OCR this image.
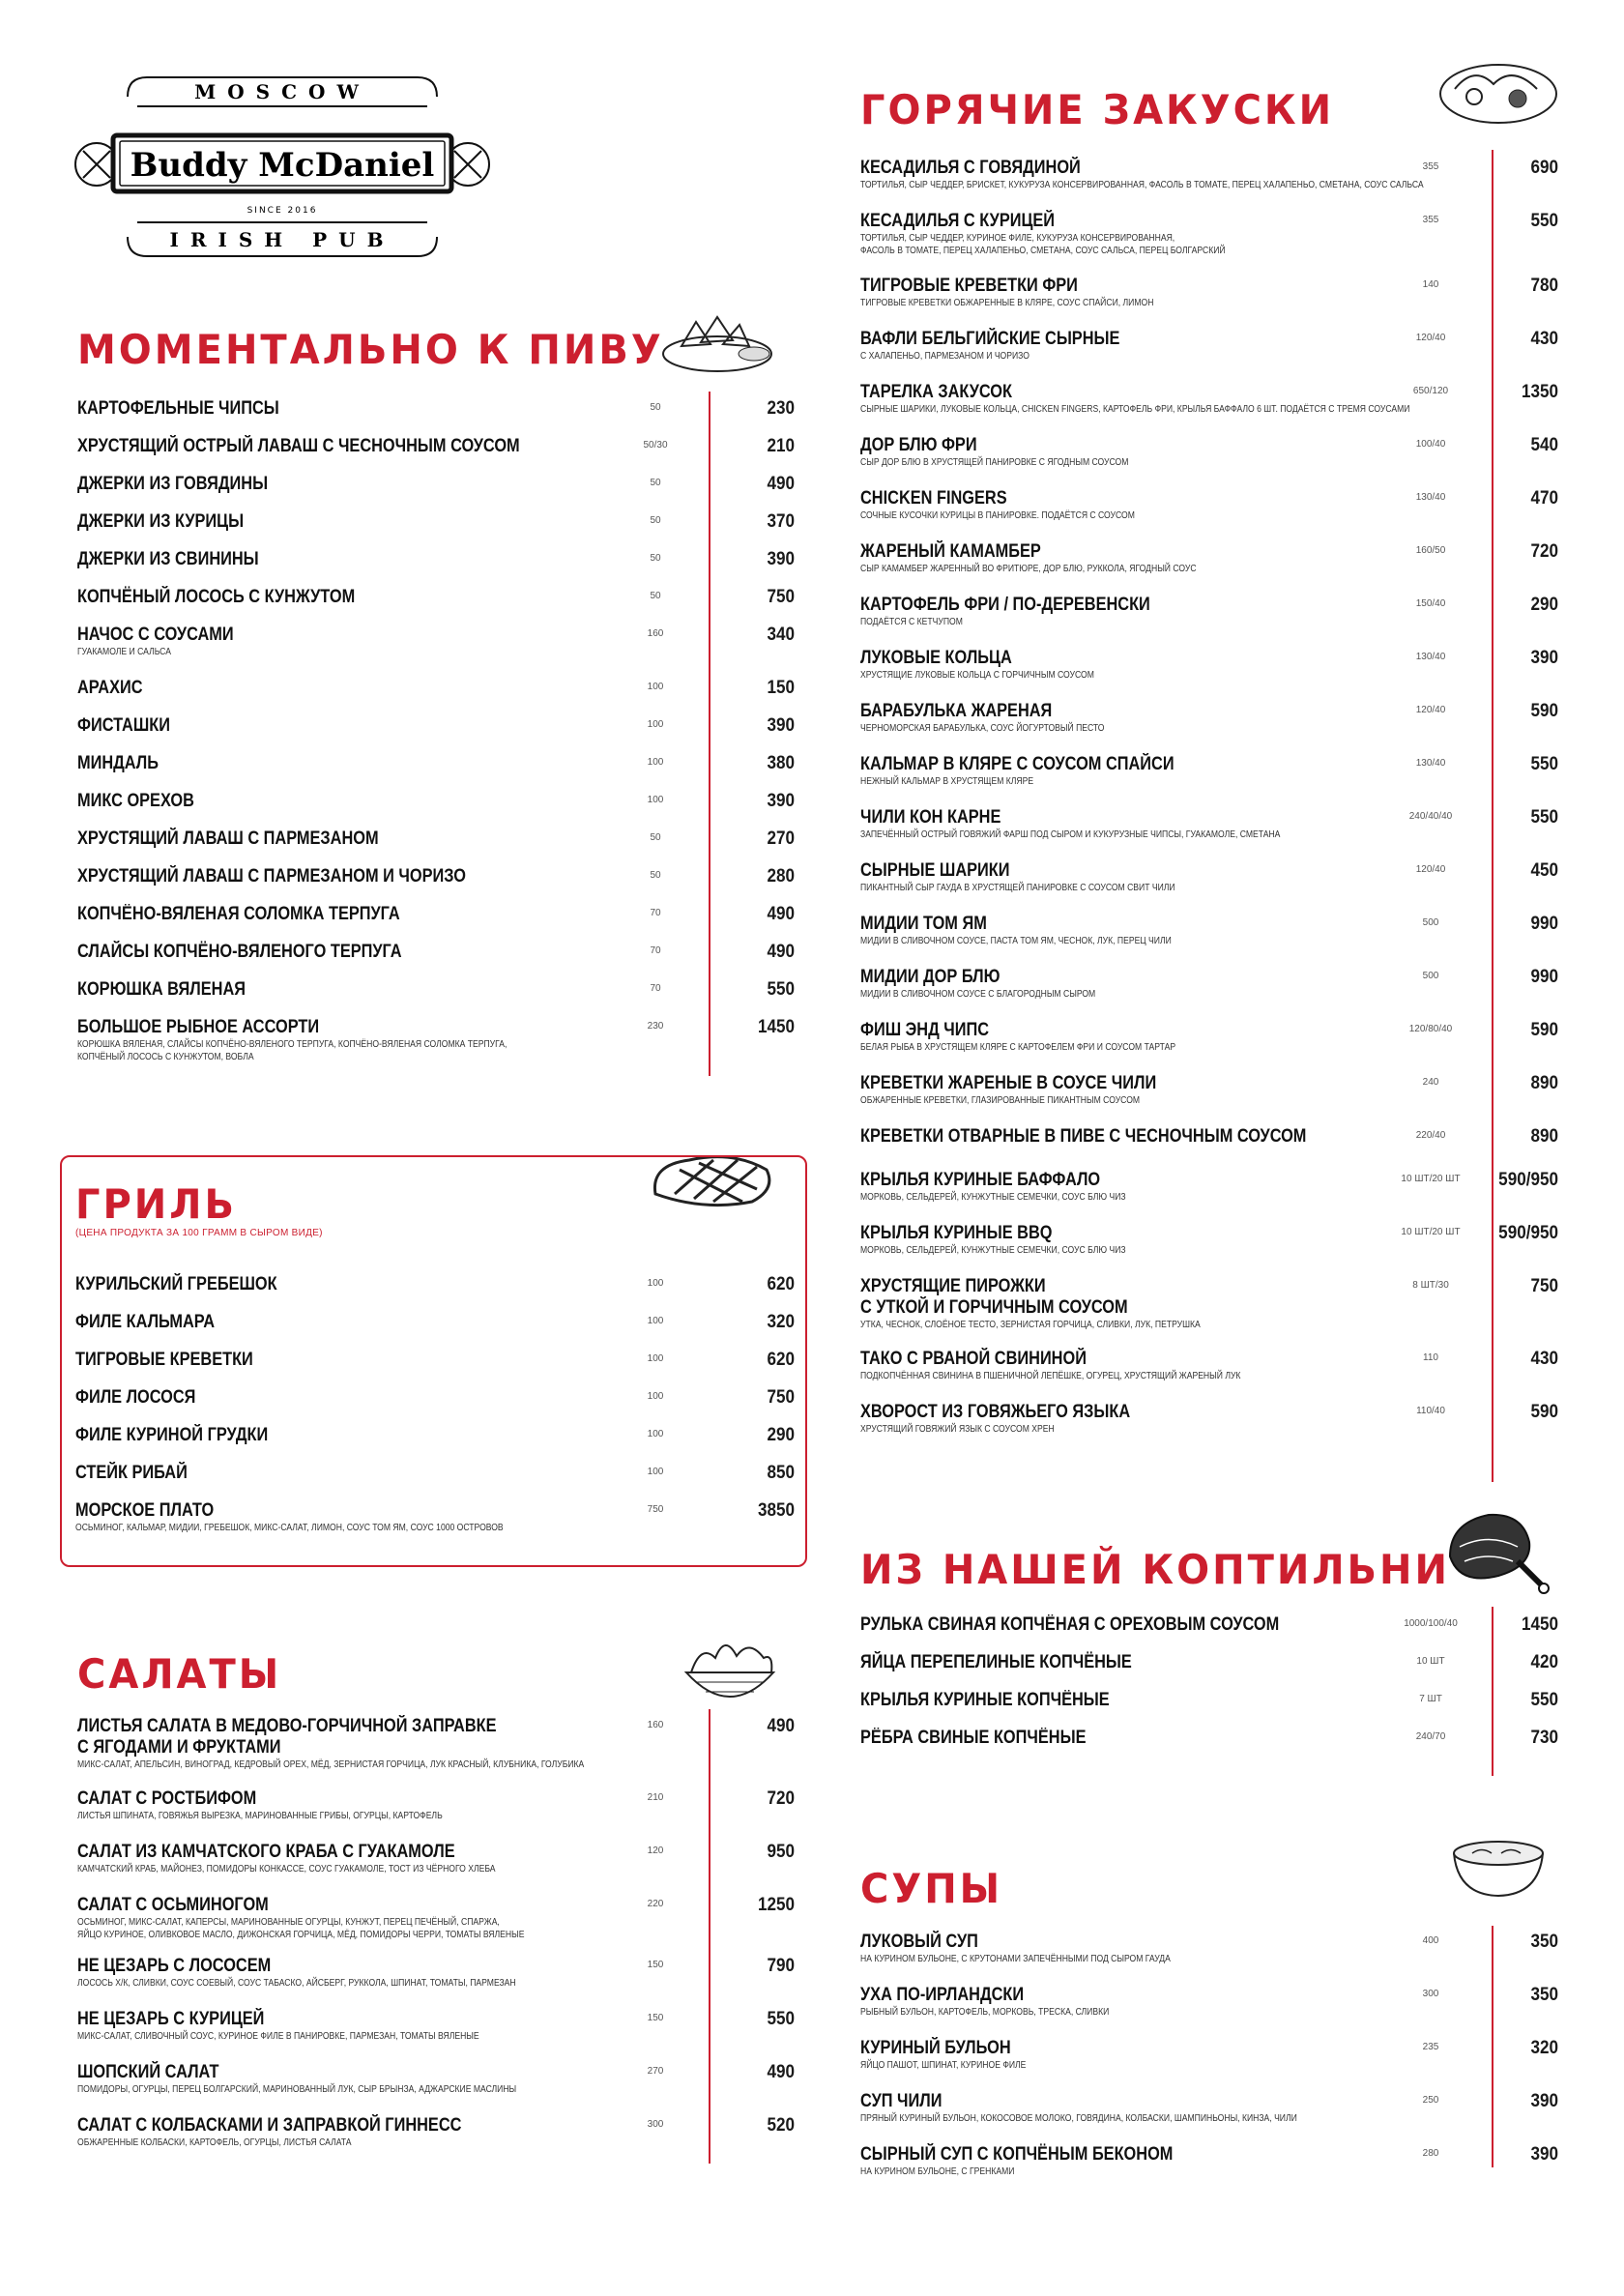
MOSCOW
Buddy McDaniel
SINCE 2016
IRISH PUB
МОМЕНТАЛЬНО К ПИВУ
КАРТОФЕЛЬНЫЕ ЧИПСЫ	50	230
ХРУСТЯЩИЙ ОСТРЫЙ ЛАВАШ С ЧЕСНОЧНЫМ СОУСОМ	50/30	210
ДЖЕРКИ ИЗ ГОВЯДИНЫ	50	490
ДЖЕРКИ ИЗ КУРИЦЫ	50	370
ДЖЕРКИ ИЗ СВИНИНЫ	50	390
КОПЧЁНЫЙ ЛОСОСЬ С КУНЖУТОМ	50	750
НАЧОС С СОУСАМИ
ГУАКАМОЛЕ И САЛЬСА
160	340
АРАХИС	100	150
ФИСТАШКИ	100	390
МИНДАЛЬ	100	380
МИКС ОРЕХОВ	100	390
ХРУСТЯЩИЙ ЛАВАШ С ПАРМЕЗАНОМ	50	270
ХРУСТЯЩИЙ ЛАВАШ С ПАРМЕЗАНОМ И ЧОРИЗО	50	280
КОПЧЁНО-ВЯЛЕНАЯ СОЛОМКА ТЕРПУГА	70	490
СЛАЙСЫ КОПЧЁНО-ВЯЛЕНОГО ТЕРПУГА	70	490
КОРЮШКА ВЯЛЕНАЯ	70	550
БОЛЬШОЕ РЫБНОЕ АССОРТИ
КОРЮШКА ВЯЛЕНАЯ, СЛАЙСЫ КОПЧЁНО-ВЯЛЕНОГО ТЕРПУГА, КОПЧЁНО-ВЯЛЕНАЯ СОЛОМКА ТЕРПУГА,
КОПЧЁНЫЙ ЛОСОСЬ С КУНЖУТОМ, ВОБЛА
230	1450
ГРИЛЬ
(ЦЕНА ПРОДУКТА ЗА 100 ГРАММ В СЫРОМ ВИДЕ)
КУРИЛЬСКИЙ ГРЕБЕШОК	100	620
ФИЛЕ КАЛЬМАРА	100	320
ТИГРОВЫЕ КРЕВЕТКИ	100	620
ФИЛЕ ЛОСОСЯ	100	750
ФИЛЕ КУРИНОЙ ГРУДКИ	100	290
СТЕЙК РИБАЙ	100	850
МОРСКОЕ ПЛАТО
ОСЬМИНОГ, КАЛЬМАР, МИДИИ, ГРЕБЕШОК, МИКС-САЛАТ, ЛИМОН, СОУС ТОМ ЯМ, СОУС 1000 ОСТРОВОВ
750	3850
САЛАТЫ
ЛИСТЬЯ САЛАТА В МЕДОВО-ГОРЧИЧНОЙ ЗАПРАВКЕ
С ЯГОДАМИ И ФРУКТАМИ
МИКС-САЛАТ, АПЕЛЬСИН, ВИНОГРАД, КЕДРОВЫЙ ОРЕХ, МЁД, ЗЕРНИСТАЯ ГОРЧИЦА, ЛУК КРАСНЫЙ, КЛУБНИКА, ГОЛУБИКА
160	490
САЛАТ С РОСТБИФОМ
ЛИСТЬЯ ШПИНАТА, ГОВЯЖЬЯ ВЫРЕЗКА, МАРИНОВАННЫЕ ГРИБЫ, ОГУРЦЫ, КАРТОФЕЛЬ
210	720
САЛАТ ИЗ КАМЧАТСКОГО КРАБА С ГУАКАМОЛЕ
КАМЧАТСКИЙ КРАБ, МАЙОНЕЗ, ПОМИДОРЫ КОНКАССЕ, СОУС ГУАКАМОЛЕ, ТОСТ ИЗ ЧЁРНОГО ХЛЕБА
120	950
САЛАТ С ОСЬМИНОГОМ
ОСЬМИНОГ, МИКС-САЛАТ, КАПЕРСЫ, МАРИНОВАННЫЕ ОГУРЦЫ, КУНЖУТ, ПЕРЕЦ ПЕЧЁНЫЙ, СПАРЖА,
ЯЙЦО КУРИНОЕ, ОЛИВКОВОЕ МАСЛО, ДИЖОНСКАЯ ГОРЧИЦА, МЁД, ПОМИДОРЫ ЧЕРРИ, ТОМАТЫ ВЯЛЕНЫЕ
220	1250
НЕ ЦЕЗАРЬ С ЛОСОСЕМ
ЛОСОСЬ Х/К, СЛИВКИ, СОУС СОЕВЫЙ, СОУС ТАБАСКО, АЙСБЕРГ, РУККОЛА, ШПИНАТ, ТОМАТЫ, ПАРМЕЗАН
150	790
НЕ ЦЕЗАРЬ С КУРИЦЕЙ
МИКС-САЛАТ, СЛИВОЧНЫЙ СОУС, КУРИНОЕ ФИЛЕ В ПАНИРОВКЕ, ПАРМЕЗАН, ТОМАТЫ ВЯЛЕНЫЕ
150	550
ШОПСКИЙ САЛАТ
ПОМИДОРЫ, ОГУРЦЫ, ПЕРЕЦ БОЛГАРСКИЙ, МАРИНОВАННЫЙ ЛУК, СЫР БРЫНЗА, АДЖАРСКИЕ МАСЛИНЫ
270	490
САЛАТ С КОЛБАСКАМИ И ЗАПРАВКОЙ ГИННЕСС
ОБЖАРЕННЫЕ КОЛБАСКИ, КАРТОФЕЛЬ, ОГУРЦЫ, ЛИСТЬЯ САЛАТА
300	520
ГОРЯЧИЕ ЗАКУСКИ
КЕСАДИЛЬЯ С ГОВЯДИНОЙ
ТОРТИЛЬЯ, СЫР ЧЕДДЕР, БРИСКЕТ, КУКУРУЗА КОНСЕРВИРОВАННАЯ, ФАСОЛЬ В ТОМАТЕ, ПЕРЕЦ ХАЛАПЕНЬО, СМЕТАНА, СОУС САЛЬСА
355	690
КЕСАДИЛЬЯ С КУРИЦЕЙ
ТОРТИЛЬЯ, СЫР ЧЕДДЕР, КУРИНОЕ ФИЛЕ, КУКУРУЗА КОНСЕРВИРОВАННАЯ,
ФАСОЛЬ В ТОМАТЕ, ПЕРЕЦ ХАЛАПЕНЬО, СМЕТАНА, СОУС САЛЬСА, ПЕРЕЦ БОЛГАРСКИЙ
355	550
ТИГРОВЫЕ КРЕВЕТКИ ФРИ
ТИГРОВЫЕ КРЕВЕТКИ ОБЖАРЕННЫЕ В КЛЯРЕ, СОУС СПАЙСИ, ЛИМОН
140	780
ВАФЛИ БЕЛЬГИЙСКИЕ СЫРНЫЕ
С ХАЛАПЕНЬО, ПАРМЕЗАНОМ И ЧОРИЗО
120/40	430
ТАРЕЛКА ЗАКУСОК
СЫРНЫЕ ШАРИКИ, ЛУКОВЫЕ КОЛЬЦА, CHICKEN FINGERS, КАРТОФЕЛЬ ФРИ, КРЫЛЬЯ БАФФАЛО 6 ШТ. ПОДАЁТСЯ С ТРЕМЯ СОУСАМИ
650/120	1350
ДОР БЛЮ ФРИ
СЫР ДОР БЛЮ В ХРУСТЯЩЕЙ ПАНИРОВКЕ С ЯГОДНЫМ СОУСОМ
100/40	540
CHICKEN FINGERS
СОЧНЫЕ КУСОЧКИ КУРИЦЫ В ПАНИРОВКЕ. ПОДАЁТСЯ С СОУСОМ
130/40	470
ЖАРЕНЫЙ КАМАМБЕР
СЫР КАМАМБЕР ЖАРЕННЫЙ ВО ФРИТЮРЕ, ДОР БЛЮ, РУККОЛА, ЯГОДНЫЙ СОУС
160/50	720
КАРТОФЕЛЬ ФРИ / ПО-ДЕРЕВЕНСКИ
ПОДАЁТСЯ С КЕТЧУПОМ
150/40	290
ЛУКОВЫЕ КОЛЬЦА
ХРУСТЯЩИЕ ЛУКОВЫЕ КОЛЬЦА С ГОРЧИЧНЫМ СОУСОМ
130/40	390
БАРАБУЛЬКА ЖАРЕНАЯ
ЧЕРНОМОРСКАЯ БАРАБУЛЬКА, СОУС ЙОГУРТОВЫЙ ПЕСТО
120/40	590
КАЛЬМАР В КЛЯРЕ С СОУСОМ СПАЙСИ
НЕЖНЫЙ КАЛЬМАР В ХРУСТЯЩЕМ КЛЯРЕ
130/40	550
ЧИЛИ КОН КАРНЕ
ЗАПЕЧЁННЫЙ ОСТРЫЙ ГОВЯЖИЙ ФАРШ ПОД СЫРОМ И КУКУРУЗНЫЕ ЧИПСЫ, ГУАКАМОЛЕ, СМЕТАНА
240/40/40	550
СЫРНЫЕ ШАРИКИ
ПИКАНТНЫЙ СЫР ГАУДА В ХРУСТЯЩЕЙ ПАНИРОВКЕ С СОУСОМ СВИТ ЧИЛИ
120/40	450
МИДИИ ТОМ ЯМ
МИДИИ В СЛИВОЧНОМ СОУСЕ, ПАСТА ТОМ ЯМ, ЧЕСНОК, ЛУК, ПЕРЕЦ ЧИЛИ
500	990
МИДИИ ДОР БЛЮ
МИДИИ В СЛИВОЧНОМ СОУСЕ С БЛАГОРОДНЫМ СЫРОМ
500	990
ФИШ ЭНД ЧИПС
БЕЛАЯ РЫБА В ХРУСТЯЩЕМ КЛЯРЕ С КАРТОФЕЛЕМ ФРИ И СОУСОМ ТАРТАР
120/80/40	590
КРЕВЕТКИ ЖАРЕНЫЕ В СОУСЕ ЧИЛИ
ОБЖАРЕННЫЕ КРЕВЕТКИ, ГЛАЗИРОВАННЫЕ ПИКАНТНЫМ СОУСОМ
240	890
КРЕВЕТКИ ОТВАРНЫЕ В ПИВЕ С ЧЕСНОЧНЫМ СОУСОМ	220/40	890
КРЫЛЬЯ КУРИНЫЕ БАФФАЛО
МОРКОВЬ, СЕЛЬДЕРЕЙ, КУНЖУТНЫЕ СЕМЕЧКИ, СОУС БЛЮ ЧИЗ
10 ШТ/20 ШТ	590/950
КРЫЛЬЯ КУРИНЫЕ BBQ
МОРКОВЬ, СЕЛЬДЕРЕЙ, КУНЖУТНЫЕ СЕМЕЧКИ, СОУС БЛЮ ЧИЗ
10 ШТ/20 ШТ	590/950
ХРУСТЯЩИЕ ПИРОЖКИ
С УТКОЙ И ГОРЧИЧНЫМ СОУСОМ
УТКА, ЧЕСНОК, СЛОЁНОЕ ТЕСТО, ЗЕРНИСТАЯ ГОРЧИЦА, СЛИВКИ, ЛУК, ПЕТРУШКА
8 ШТ/30	750
ТАКО С РВАНОЙ СВИНИНОЙ
ПОДКОПЧЁННАЯ СВИНИНА В ПШЕНИЧНОЙ ЛЕПЁШКЕ, ОГУРЕЦ, ХРУСТЯЩИЙ ЖАРЕНЫЙ ЛУК
110	430
ХВОРОСТ ИЗ ГОВЯЖЬЕГО ЯЗЫКА
ХРУСТЯЩИЙ ГОВЯЖИЙ ЯЗЫК С СОУСОМ ХРЕН
110/40	590
ИЗ НАШЕЙ КОПТИЛЬНИ
РУЛЬКА СВИНАЯ КОПЧЁНАЯ С ОРЕХОВЫМ СОУСОМ	1000/100/40	1450
ЯЙЦА ПЕРЕПЕЛИНЫЕ КОПЧЁНЫЕ	10 ШТ	420
КРЫЛЬЯ КУРИНЫЕ КОПЧЁНЫЕ	7 ШТ	550
РЁБРА СВИНЫЕ КОПЧЁНЫЕ	240/70	730
СУПЫ
ЛУКОВЫЙ СУП
НА КУРИНОМ БУЛЬОНЕ, С КРУТОНАМИ ЗАПЕЧЁННЫМИ ПОД СЫРОМ ГАУДА
400	350
УХА ПО-ИРЛАНДСКИ
РЫБНЫЙ БУЛЬОН, КАРТОФЕЛЬ, МОРКОВЬ, ТРЕСКА, СЛИВКИ
300	350
КУРИНЫЙ БУЛЬОН
ЯЙЦО ПАШОТ, ШПИНАТ, КУРИНОЕ ФИЛЕ
235	320
СУП ЧИЛИ
ПРЯНЫЙ КУРИНЫЙ БУЛЬОН, КОКОСОВОЕ МОЛОКО, ГОВЯДИНА, КОЛБАСКИ, ШАМПИНЬОНЫ, КИНЗА, ЧИЛИ
250	390
СЫРНЫЙ СУП С КОПЧЁНЫМ БЕКОНОМ
НА КУРИНОМ БУЛЬОНЕ, С ГРЕНКАМИ
280	390
